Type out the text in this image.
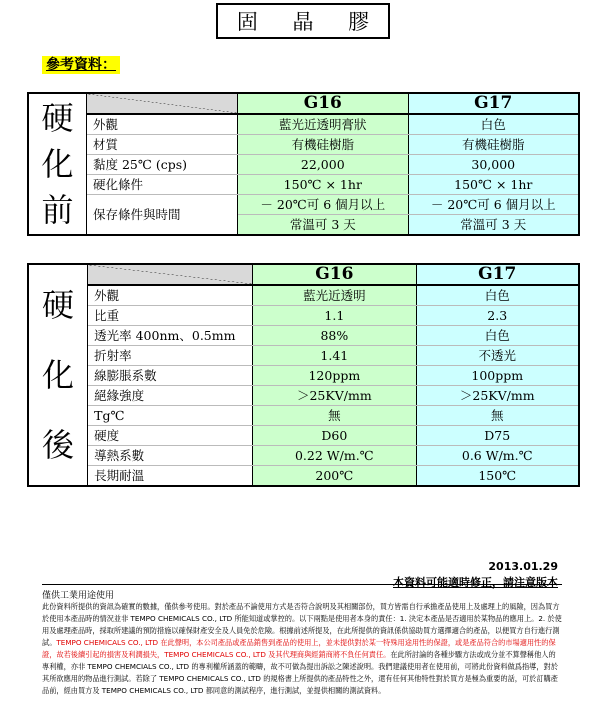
固 晶 膠
參考資料：
硬
化
前		G16	G17
	外觀	藍光近透明膏狀	白色
	材質	有機硅樹脂	有機硅樹脂
	黏度 25℃ (cps)	22,000	30,000
	硬化條件	150℃ × 1hr	150℃ × 1hr
	保存條件與時間	－ 20℃可 6 個月以上	－ 20℃可 6 個月以上
		常溫可 3 天	常溫可 3 天
硬
化
後		G16	G17
	外觀	藍光近透明	白色
	比重	1.1	2.3
	透光率 400nm、0.5mm	88%	白色
	折射率	1.41	不透光
	線膨脹系數	120ppm	100ppm
	絕緣強度	＞25KV/mm	＞25KV/mm
	Tg℃	無	無
	硬度	D60	D75
	導熱系數	0.22 W/m.℃	0.6 W/m.℃
	長期耐溫	200℃	150℃
2013.01.29
本資料可能適時修正，請注意版本
僅供工業用途使用
此份資料所提供的資訊為確實的數據，僅供參考使用。對於產品不論使用方式是否符合說明及其相關部份，買方皆需自行承擔產品使用上及處理上的風險，因為買方於使用本產品時的情況並非 TEMPO CHEMICALS CO., LTD 所能知道或掌控的。以下兩點是使用者本身的責任：1. 決定本產品是否適用於某物品的應用上。2. 於使用及處理產品時，採取所建議的預防措施以確保財產安全及人員免於危險。根據前述所提及，在此所提供的資訊係供協助買方選擇適合的產品，以便買方自行進行測試。TEMPO CHEMICALS CO., LTD 在此聲明，本公司產品或產品銷售到產品的使用上，並未提供對於某一特殊用途用性的保證，或是產品符合的市場適用性的保證，故若後續引起的損害及利潤損失，TEMPO CHEMICALS CO., LTD 及其代理商與經銷商將不負任何責任。在此所討論的各種步驟方法或成分並不算聲稱他人的專利權，亦非 TEMPO CHEMCIALS CO., LTD 的專利權所涵蓋的範疇，故不可做為提出訴訟之陳述說明。我們建議使用者在使用前，可將此份資料做爲指導，對於其所欲應用的物品進行測試。若除了 TEMPO CHEMICALS CO., LTD 的規格書上所提供的產品特性之外，還有任何其他特性對於買方是極為重要的話，可於訂購產品前，經由買方及 TEMPO CHEMICALS CO., LTD 都同意的測試程序，進行測試，並提供相關的測試資料。
